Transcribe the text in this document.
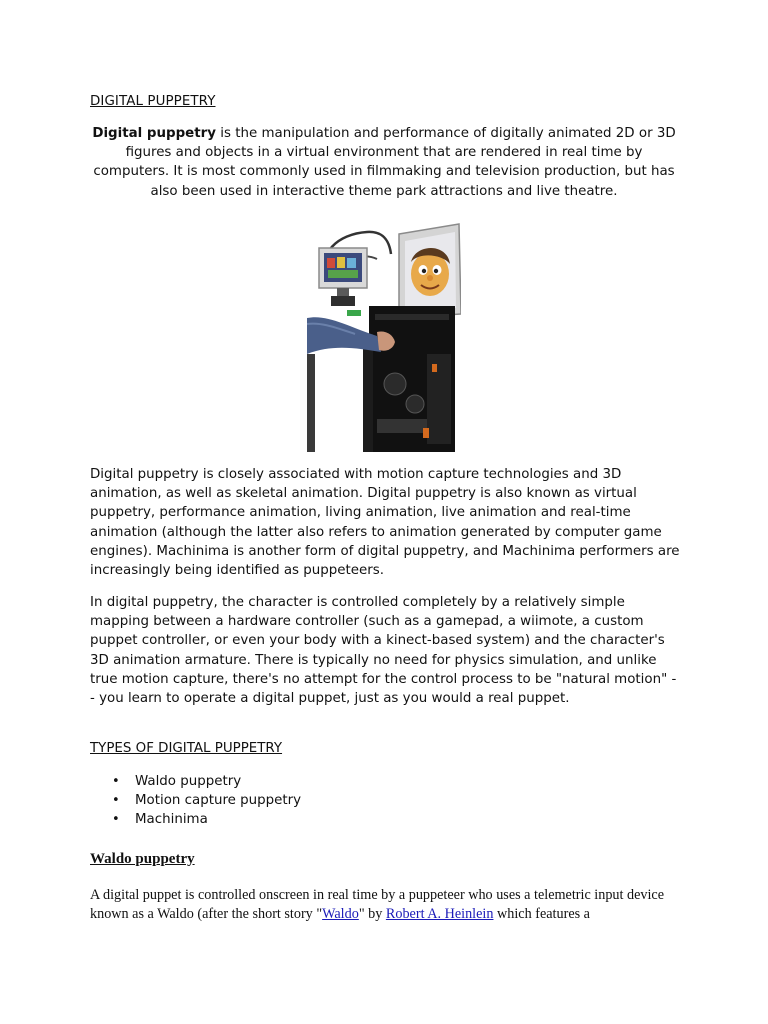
DIGITAL PUPPETRY

Digital puppetry is the manipulation and performance of digitally animated 2D or 3D figures and objects in a virtual environment that are rendered in real time by computers. It is most commonly used in filmmaking and television production, but has also been used in interactive theme park attractions and live theatre.

Digital puppetry is closely associated with motion capture technologies and 3D animation, as well as skeletal animation. Digital puppetry is also known as virtual puppetry, performance animation, living animation, live animation and real-time animation (although the latter also refers to animation generated by computer game engines). Machinima is another form of digital puppetry, and Machinima performers are increasingly being identified as puppeteers.

In digital puppetry, the character is controlled completely by a relatively simple mapping between a hardware controller (such as a gamepad, a wiimote, a custom puppet controller, or even your body with a kinect-based system) and the character's 3D animation armature. There is typically no need for physics simulation, and unlike true motion capture, there's no attempt for the control process to be "natural motion" -- you learn to operate a digital puppet, just as you would a real puppet.

TYPES OF DIGITAL PUPPETRY
• Waldo puppetry
• Motion capture puppetry
• Machinima
Waldo puppetry

A digital puppet is controlled onscreen in real time by a puppeteer who uses a telemetric input device known as a Waldo (after the short story "Waldo" by Robert A. Heinlein which features a
